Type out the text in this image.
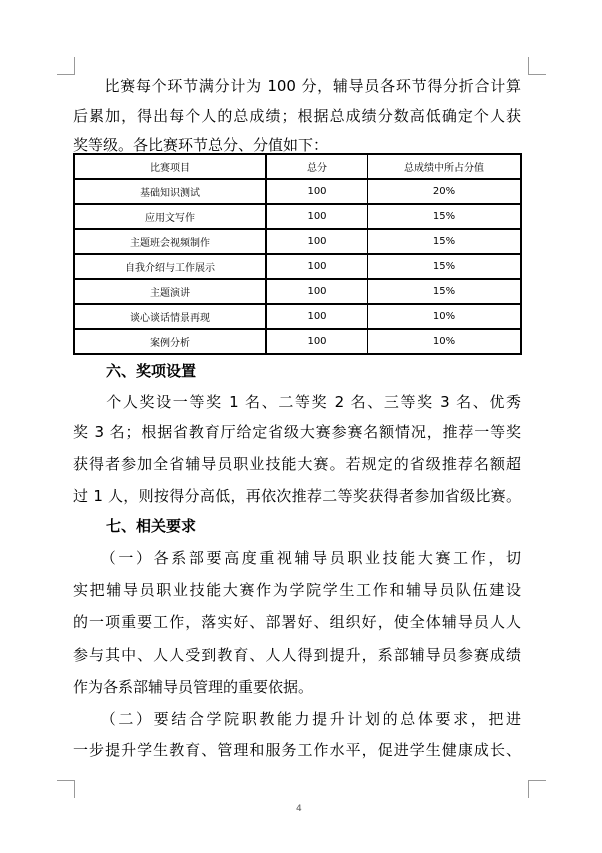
　　比赛每个环节满分计为 100 分，辅导员各环节得分折合计算
后累加，得出每个人的总成绩；根据总成绩分数高低确定个人获
奖等级。各比赛环节总分、分值如下：
比赛项目	总分	总成绩中所占分值
基础知识测试	100	20%
应用文写作	100	15%
主题班会视频制作	100	15%
自我介绍与工作展示	100	15%
主题演讲	100	15%
谈心谈话情景再现	100	10%
案例分析	100	10%
六、奖项设置
　　个人奖设一等奖 1 名、二等奖 2 名、三等奖 3 名、优秀
奖 3 名；根据省教育厅给定省级大赛参赛名额情况，推荐一等奖
获得者参加全省辅导员职业技能大赛。若规定的省级推荐名额超
过 1 人，则按得分高低，再依次推荐二等奖获得者参加省级比赛。
七、相关要求
　　（一）各系部要高度重视辅导员职业技能大赛工作，切
实把辅导员职业技能大赛作为学院学生工作和辅导员队伍建设
的一项重要工作，落实好、部署好、组织好，使全体辅导员人人
参与其中、人人受到教育、人人得到提升，系部辅导员参赛成绩
作为各系部辅导员管理的重要依据。
　　（二）要结合学院职教能力提升计划的总体要求，把进
一步提升学生教育、管理和服务工作水平，促进学生健康成长、
4
